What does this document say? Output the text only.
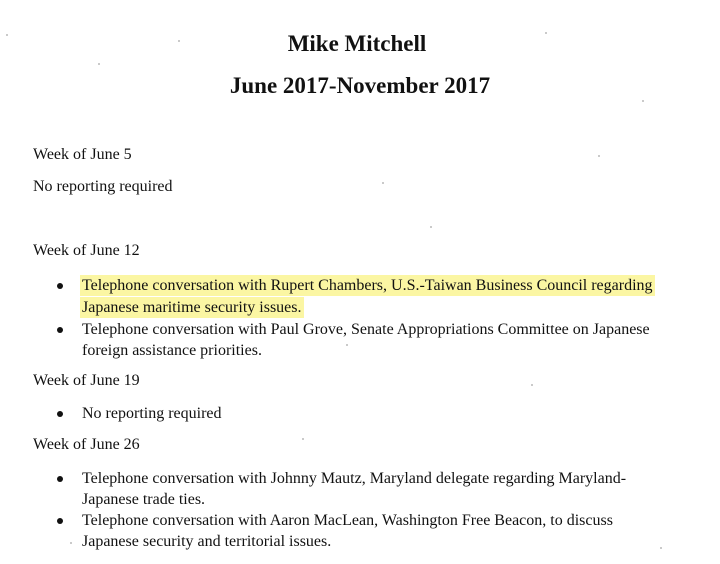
Mike Mitchell
June 2017-November 2017

Week of June 5

No reporting required

Week of June 12

Telephone conversation with Rupert Chambers, U.S.-Taiwan Business Council regarding
Japanese maritime security issues.
Telephone conversation with Paul Grove, Senate Appropriations Committee on Japanese
foreign assistance priorities.

Week of June 19

No reporting required

Week of June 26

Telephone conversation with Johnny Mautz, Maryland delegate regarding Maryland-
Japanese trade ties.
Telephone conversation with Aaron MacLean, Washington Free Beacon, to discuss
Japanese security and territorial issues.
